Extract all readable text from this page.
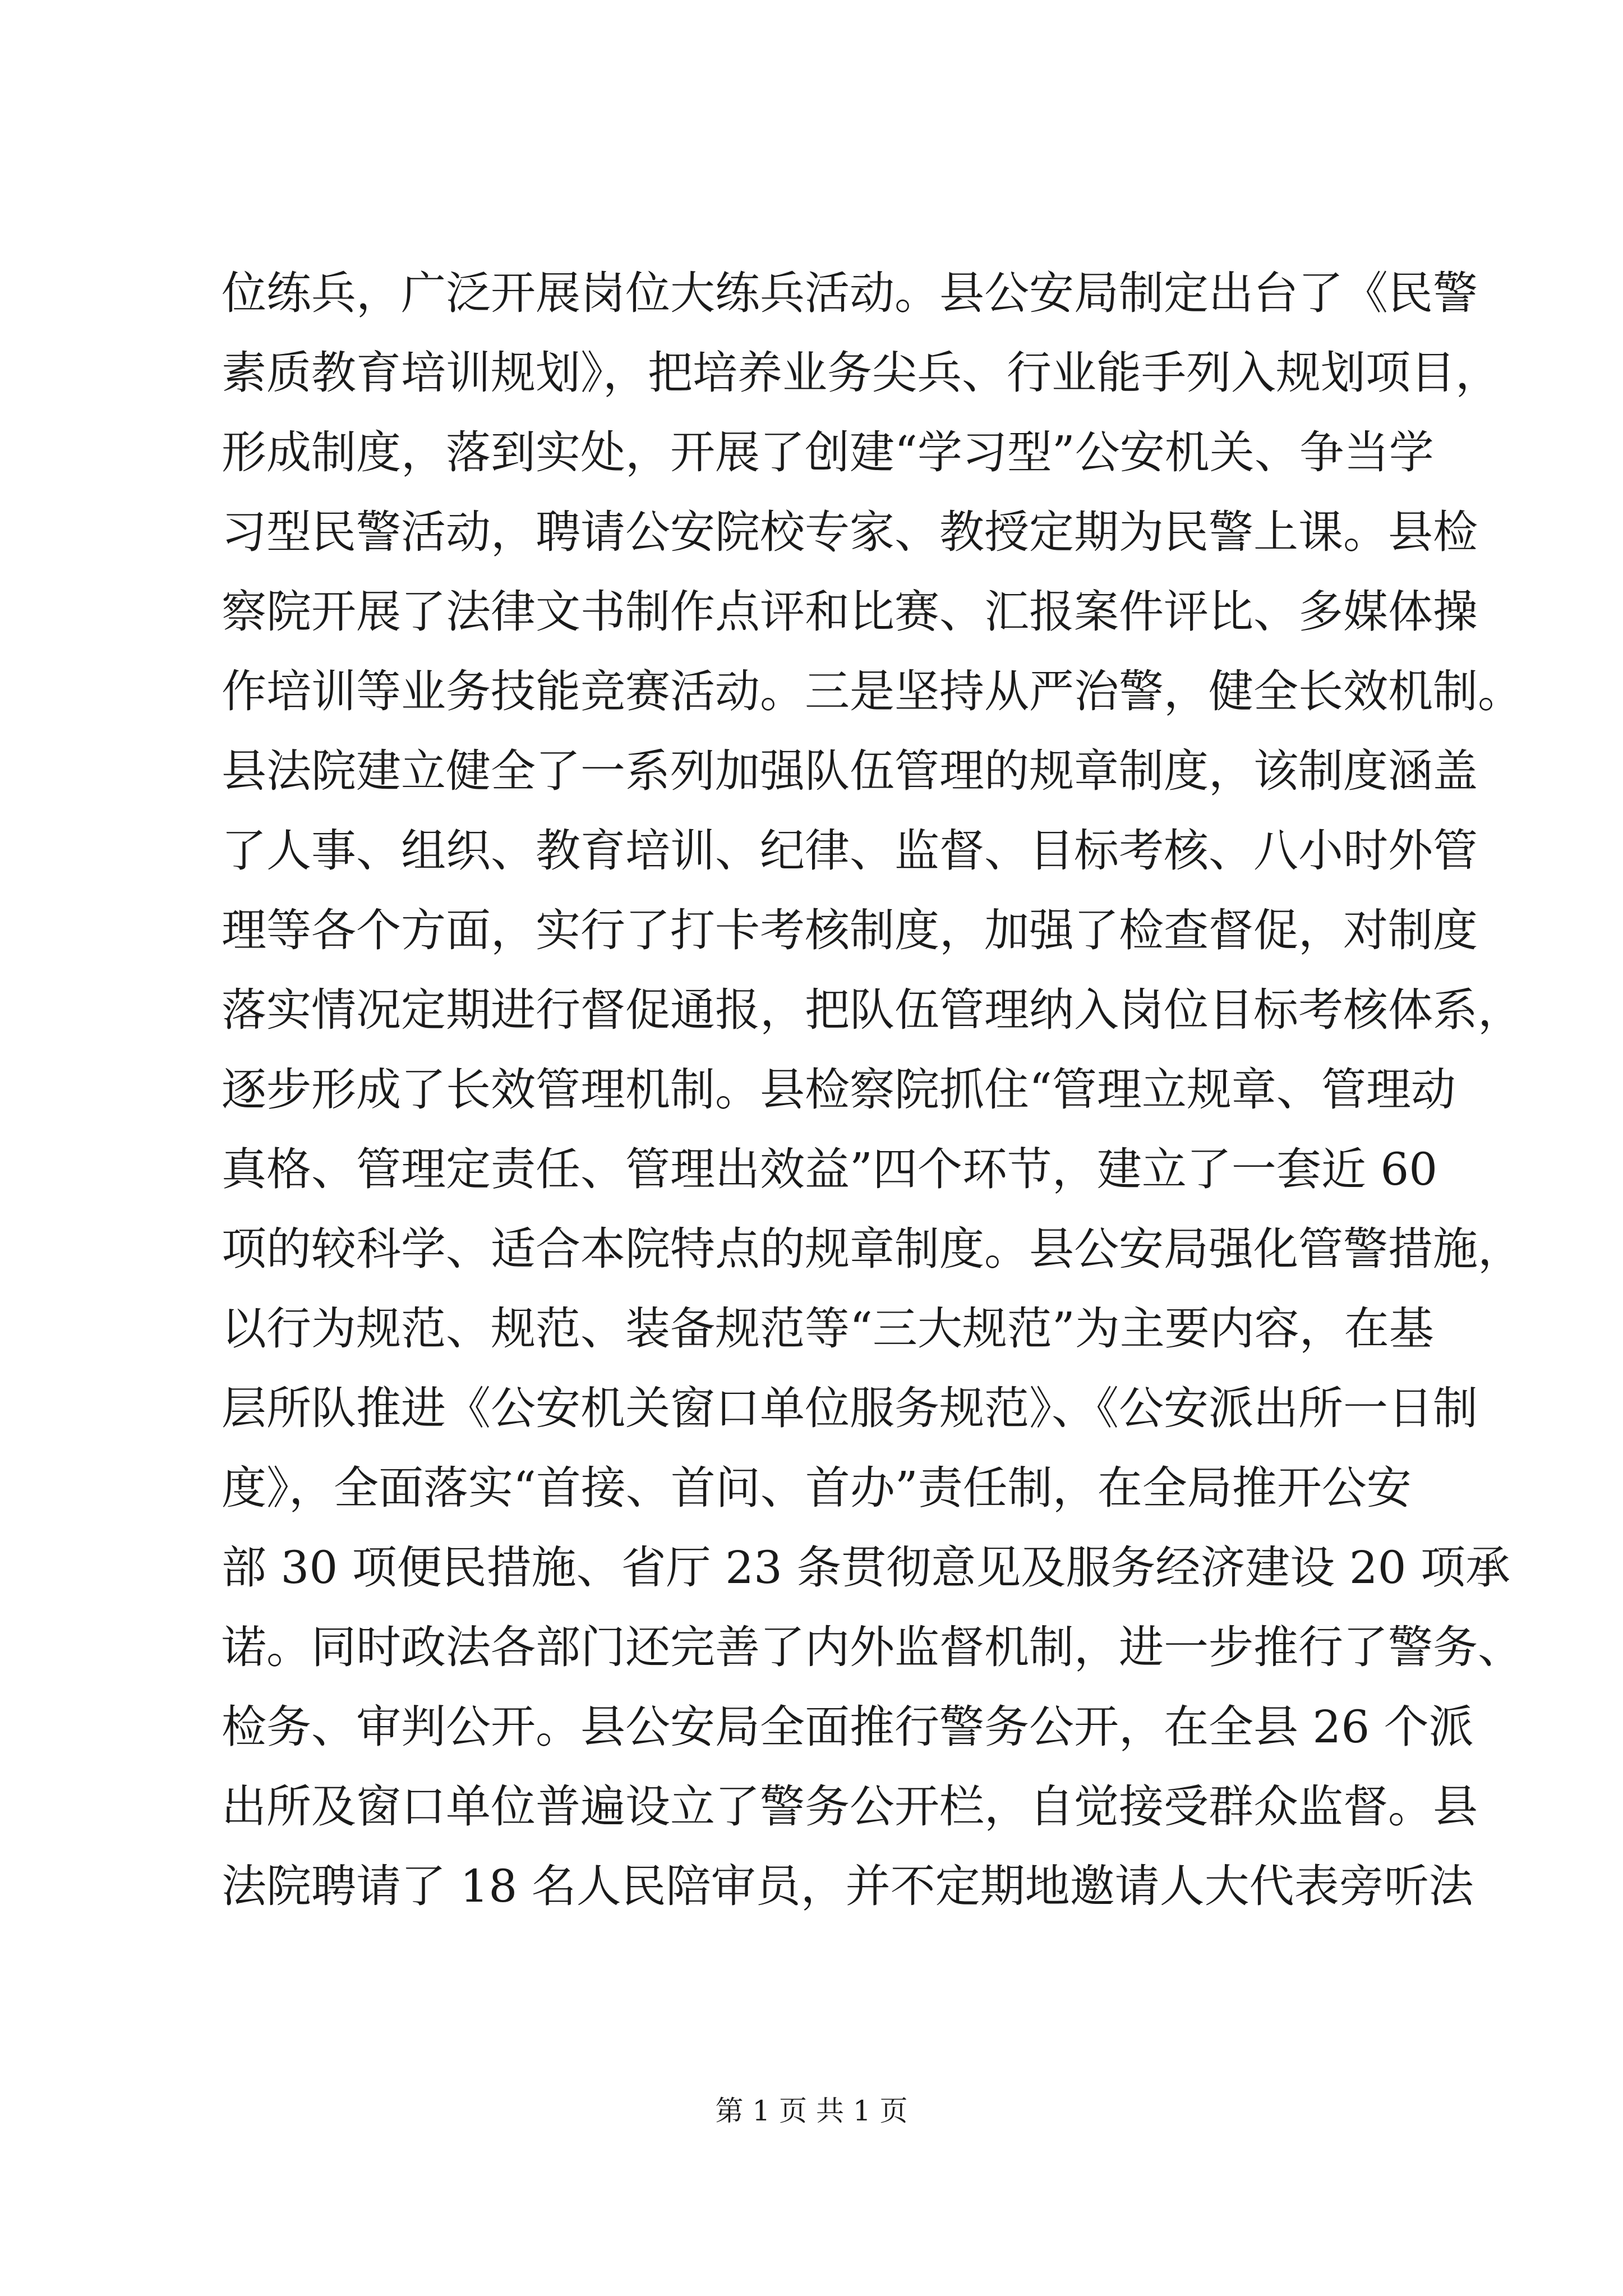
位练兵，广泛开展岗位大练兵活动。县公安局制定出台了《民警
素质教育培训规划》，把培养业务尖兵、行业能手列入规划项目，
形成制度，落到实处，开展了创建“学习型”公安机关、争当学
习型民警活动，聘请公安院校专家、教授定期为民警上课。县检
察院开展了法律文书制作点评和比赛、汇报案件评比、多媒体操
作培训等业务技能竞赛活动。三是坚持从严治警，健全长效机制。
县法院建立健全了一系列加强队伍管理的规章制度，该制度涵盖
了人事、组织、教育培训、纪律、监督、目标考核、八小时外管
理等各个方面，实行了打卡考核制度，加强了检查督促，对制度
落实情况定期进行督促通报，把队伍管理纳入岗位目标考核体系，
逐步形成了长效管理机制。县检察院抓住“管理立规章、管理动
真格、管理定责任、管理出效益”四个环节，建立了一套近 60
项的较科学、适合本院特点的规章制度。县公安局强化管警措施，
以行为规范、规范、装备规范等“三大规范”为主要内容，在基
层所队推进《公安机关窗口单位服务规范》、《公安派出所一日制
度》，全面落实“首接、首问、首办”责任制，在全局推开公安
部 30 项便民措施、省厅 23 条贯彻意见及服务经济建设 20 项承
诺。同时政法各部门还完善了内外监督机制，进一步推行了警务、
检务、审判公开。县公安局全面推行警务公开，在全县 26 个派
出所及窗口单位普遍设立了警务公开栏，自觉接受群众监督。县
法院聘请了 18 名人民陪审员，并不定期地邀请人大代表旁听法
第 1 页 共 1 页
